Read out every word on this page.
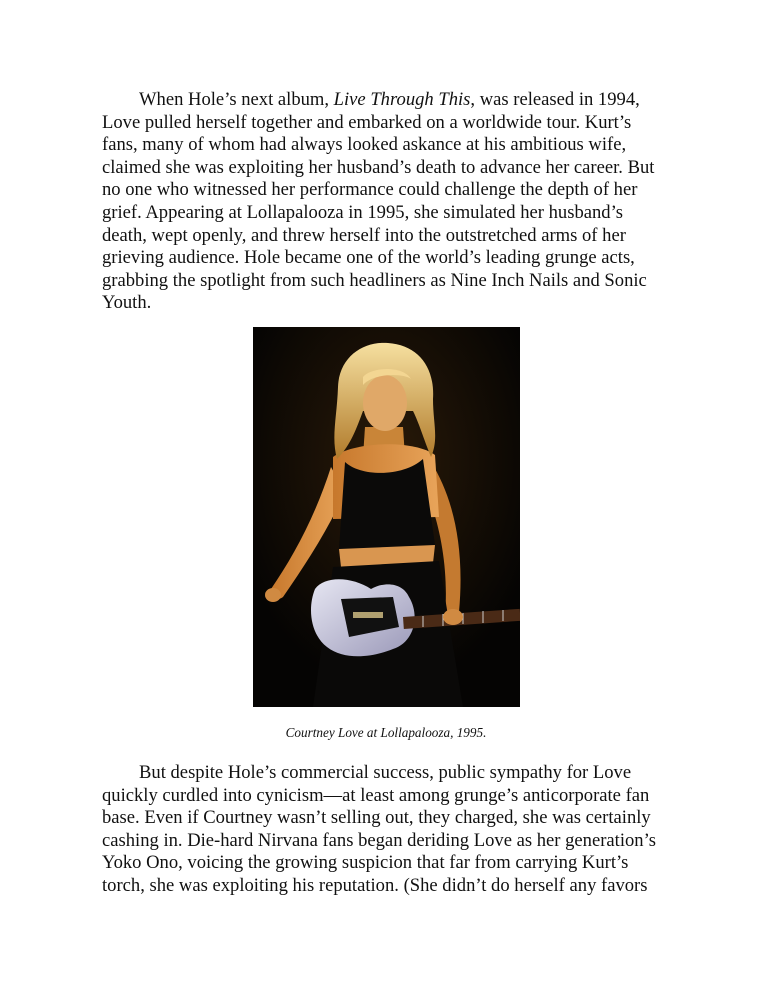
When Hole’s next album, Live Through This, was released in 1994,
Love pulled herself together and embarked on a worldwide tour. Kurt’s
fans, many of whom had always looked askance at his ambitious wife,
claimed she was exploiting her husband’s death to advance her career. But
no one who witnessed her performance could challenge the depth of her
grief. Appearing at Lollapalooza in 1995, she simulated her husband’s
death, wept openly, and threw herself into the outstretched arms of her
grieving audience. Hole became one of the world’s leading grunge acts,
grabbing the spotlight from such headliners as Nine Inch Nails and Sonic
Youth.
Courtney Love at Lollapalooza, 1995.
But despite Hole’s commercial success, public sympathy for Love
quickly curdled into cynicism—at least among grunge’s anticorporate fan
base. Even if Courtney wasn’t selling out, they charged, she was certainly
cashing in. Die-hard Nirvana fans began deriding Love as her generation’s
Yoko Ono, voicing the growing suspicion that far from carrying Kurt’s
torch, she was exploiting his reputation. (She didn’t do herself any favors
